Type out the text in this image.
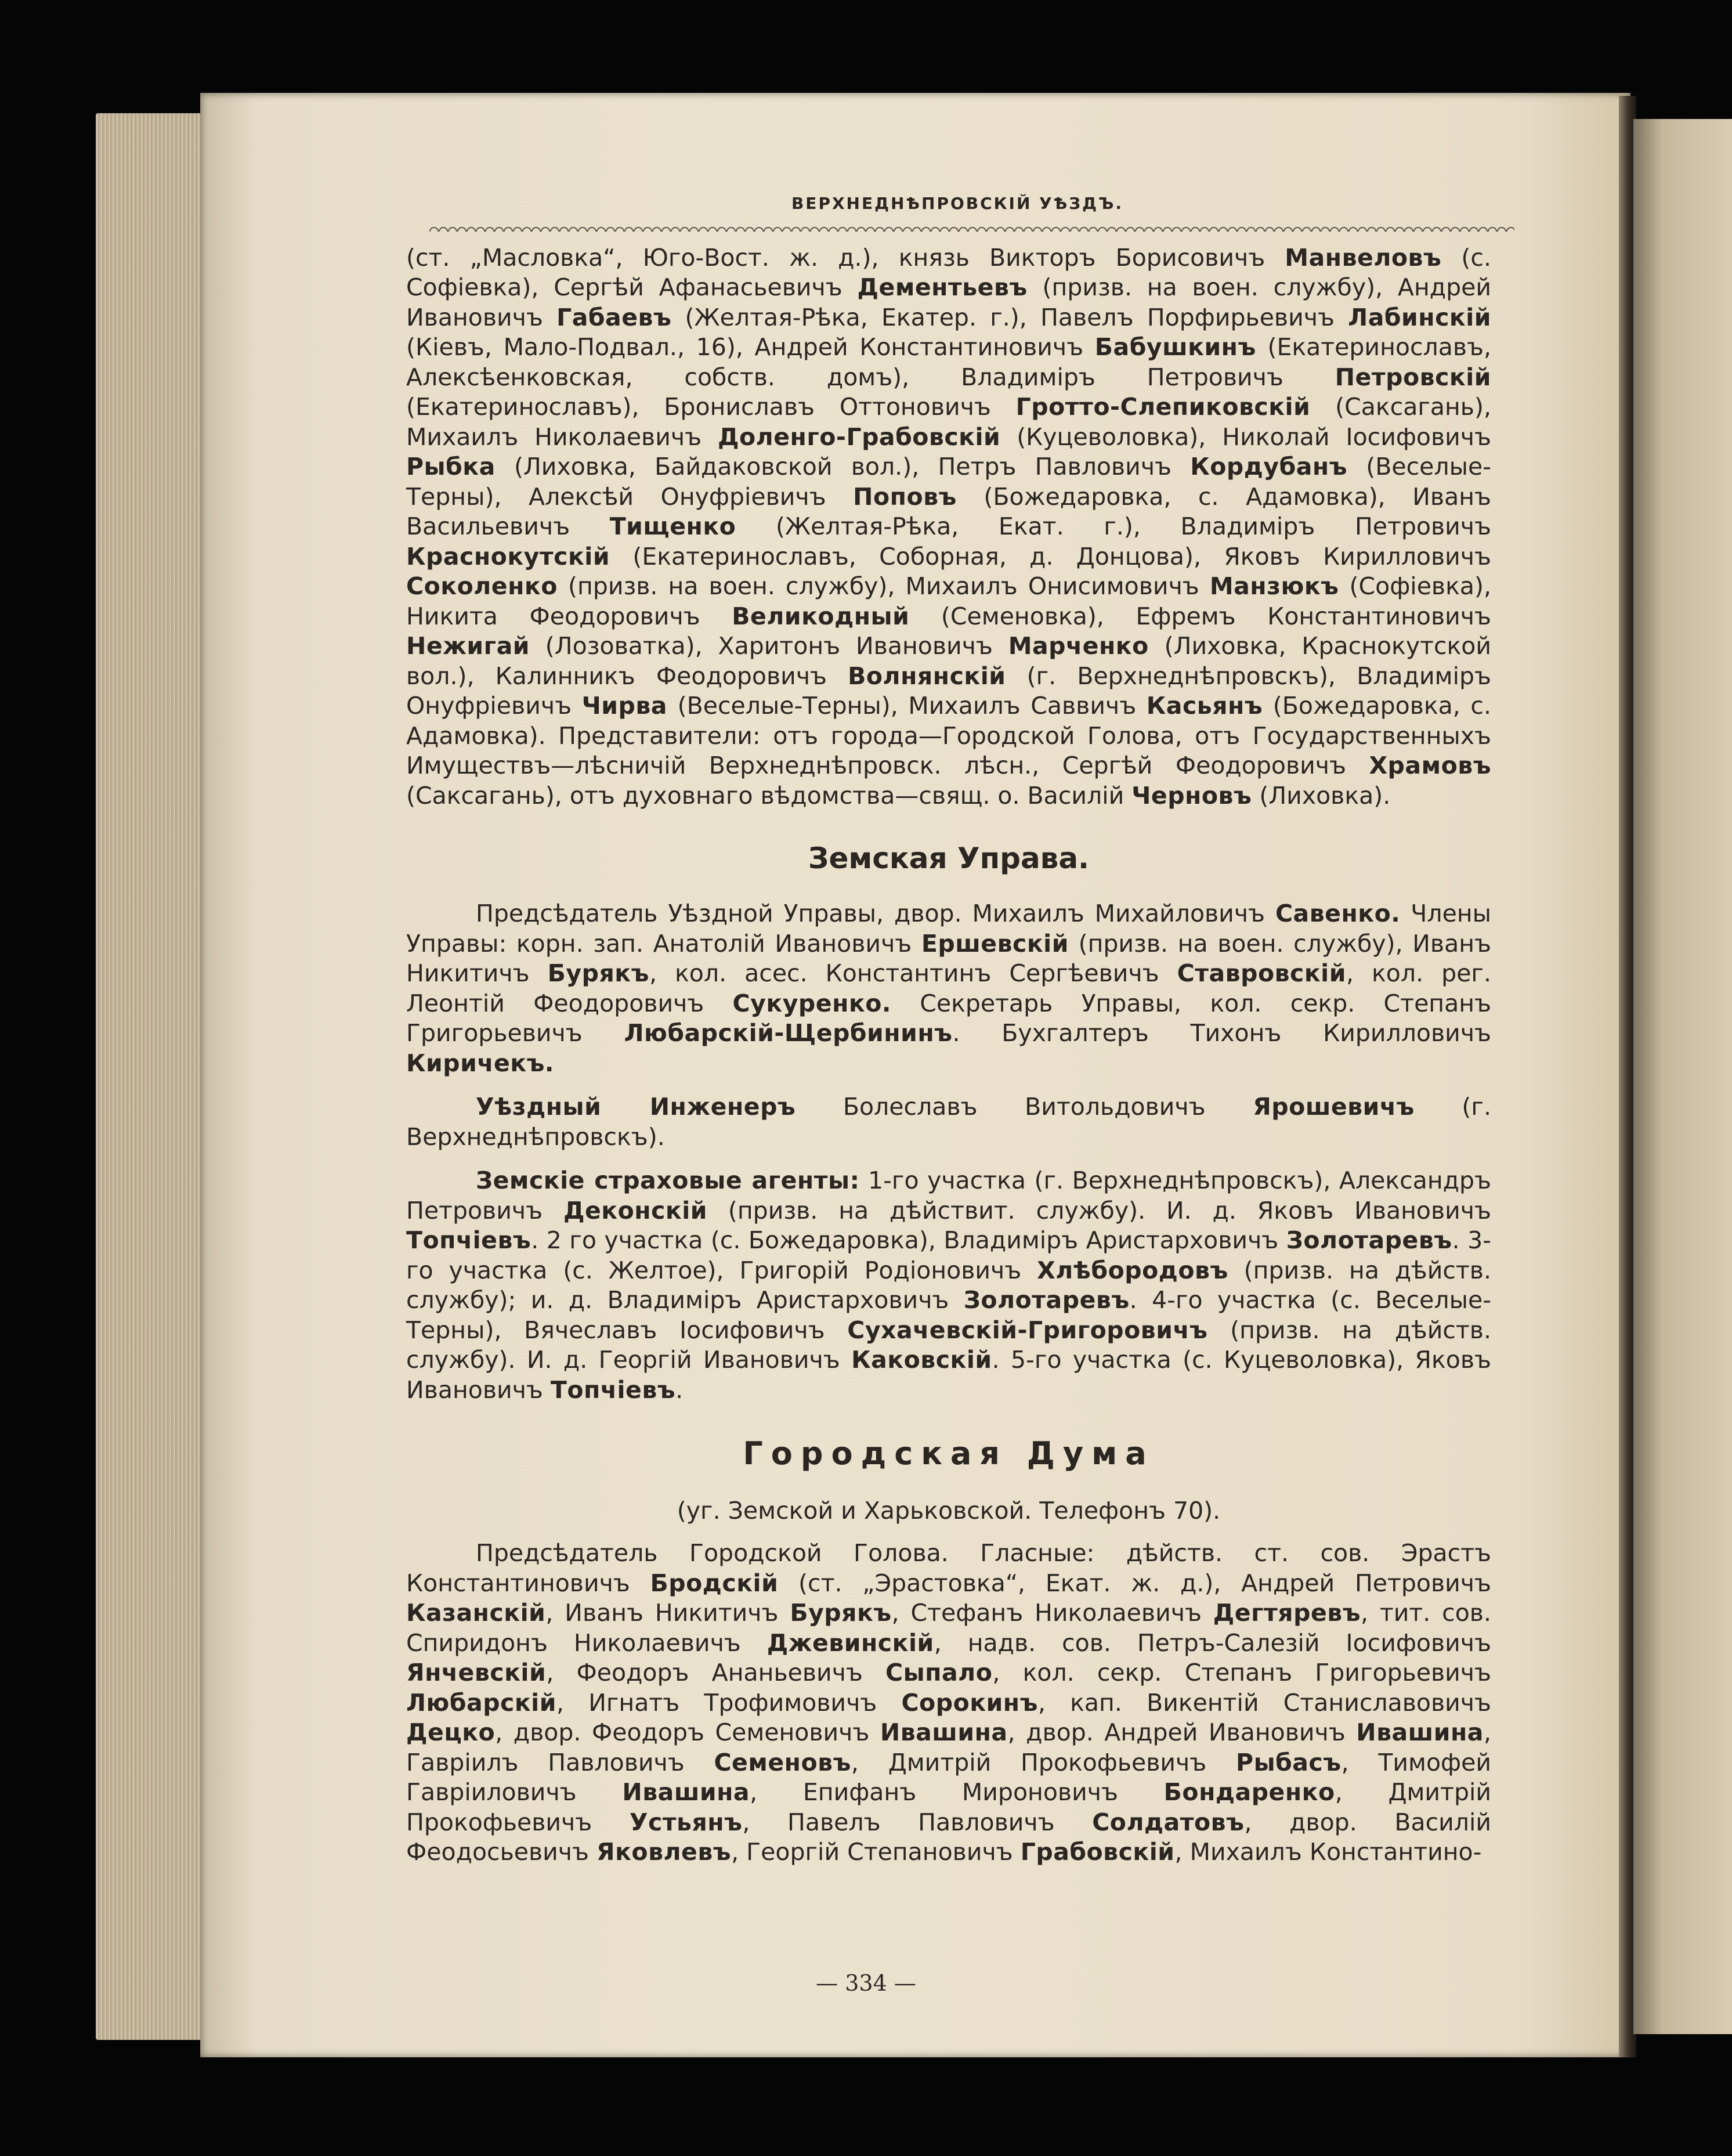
ВЕРХНЕДНѢПРОВСКІЙ УѢЗДЪ.

(ст. „Масловка“, Юго-Вост. ж. д.), князь Викторъ Борисовичъ Манвеловъ (с. Софіевка), Сергѣй Афанасьевичъ Дементьевъ (призв. на воен. службу), Андрей Ивановичъ Габаевъ (Желтая-Рѣка, Екатер. г.), Павелъ Порфирьевичъ Лабинскій (Кіевъ, Мало-Подвал., 16), Андрей Константиновичъ Бабушкинъ (Екатеринославъ, Алексѣенковская, собств. домъ), Владиміръ Петровичъ Петровскій (Екатеринославъ), Брониславъ Оттоновичъ Гротто-Слепиковскій (Саксагань), Михаилъ Николаевичъ Доленго-Грабовскій (Куцеволовка), Николай Іосифовичъ Рыбка (Лиховка, Байдаковской вол.), Петръ Павловичъ Кордубанъ (Веселые-Терны), Алексѣй Онуфріевичъ Поповъ (Божедаровка, с. Адамовка), Иванъ Васильевичъ Тищенко (Желтая-Рѣка, Екат. г.), Владиміръ Петровичъ Краснокутскій (Екатеринославъ, Соборная, д. Донцова), Яковъ Кирилловичъ Соколенко (призв. на воен. службу), Михаилъ Онисимовичъ Манзюкъ (Софіевка), Никита Феодоровичъ Великодный (Семеновка), Ефремъ Константиновичъ Нежигай (Лозоватка), Харитонъ Ивановичъ Марченко (Лиховка, Краснокутской вол.), Калинникъ Феодоровичъ Волнянскій (г. Верхнеднѣпровскъ), Владиміръ Онуфріевичъ Чирва (Веселые-Терны), Михаилъ Саввичъ Касьянъ (Божедаровка, с. Адамовка). Представители: отъ города—Городской Голова, отъ Государственныхъ Имуществъ—лѣсничій Верхнеднѣпровск. лѣсн., Сергѣй Феодоровичъ Храмовъ (Саксагань), отъ духовнаго вѣдомства—свящ. о. Василій Черновъ (Лиховка).

Земская Управа.

Предсѣдатель Уѣздной Управы, двор. Михаилъ Михайловичъ Савенко. Члены Управы: корн. зап. Анатолій Ивановичъ Ершевскій (призв. на воен. службу), Иванъ Никитичъ Бурякъ, кол. асес. Константинъ Сергѣевичъ Ставровскій, кол. рег. Леонтій Феодоровичъ Сукуренко. Секретарь Управы, кол. секр. Степанъ Григорьевичъ Любарскій-Щербининъ. Бухгалтеръ Тихонъ Кирилловичъ Киричекъ.

Уѣздный Инженеръ Болеславъ Витольдовичъ Ярошевичъ (г. Верхнеднѣпровскъ).

Земскіе страховые агенты: 1-го участка (г. Верхнеднѣпровскъ), Александръ Петровичъ Деконскій (призв. на дѣйствит. службу). И. д. Яковъ Ивановичъ Топчіевъ. 2 го участка (с. Божедаровка), Владиміръ Аристарховичъ Золотаревъ. 3-го участка (с. Желтое), Григорій Родіоновичъ Хлѣбородовъ (призв. на дѣйств. службу); и. д. Владиміръ Аристарховичъ Золотаревъ. 4-го участка (с. Веселые-Терны), Вячеславъ Іосифовичъ Сухачевскій-Григоровичъ (призв. на дѣйств. службу). И. д. Георгій Ивановичъ Каковскій. 5-го участка (с. Куцеволовка), Яковъ Ивановичъ Топчіевъ.

Городская Дума
(уг. Земской и Харьковской. Телефонъ 70).

Предсѣдатель Городской Голова. Гласные: дѣйств. ст. сов. Эрастъ Константиновичъ Бродскій (ст. „Эрастовка“, Екат. ж. д.), Андрей Петровичъ Казанскій, Иванъ Никитичъ Бурякъ, Стефанъ Николаевичъ Дегтяревъ, тит. сов. Спиридонъ Николаевичъ Джевинскій, надв. сов. Петръ-Салезій Іосифовичъ Янчевскій, Феодоръ Ананьевичъ Сыпало, кол. секр. Степанъ Григорьевичъ Любарскій, Игнатъ Трофимовичъ Сорокинъ, кап. Викентій Станиславовичъ Децко, двор. Феодоръ Семеновичъ Ивашина, двор. Андрей Ивановичъ Ивашина, Гавріилъ Павловичъ Семеновъ, Дмитрій Прокофьевичъ Рыбасъ, Тимофей Гавріиловичъ Ивашина, Епифанъ Мироновичъ Бондаренко, Дмитрій Прокофьевичъ Устьянъ, Павелъ Павловичъ Солдатовъ, двор. Василій Феодосьевичъ Яковлевъ, Георгій Степановичъ Грабовскій, Михаилъ Константино-

— 334 —
